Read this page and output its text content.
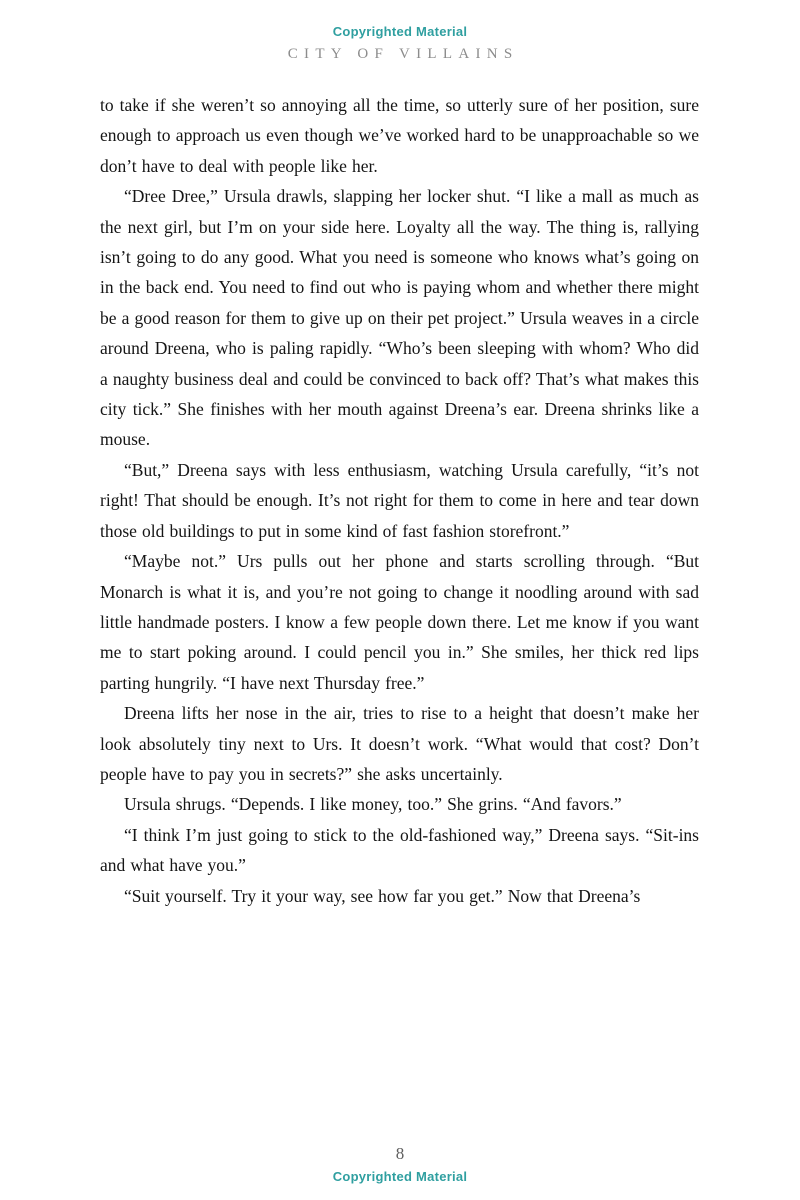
Copyrighted Material
CITY OF VILLAINS

to take if she weren’t so annoying all the time, so utterly sure of her position, sure enough to approach us even though we’ve worked hard to be unapproachable so we don’t have to deal with people like her.

“Dree Dree,” Ursula drawls, slapping her locker shut. “I like a mall as much as the next girl, but I’m on your side here. Loyalty all the way. The thing is, rallying isn’t going to do any good. What you need is someone who knows what’s going on in the back end. You need to find out who is paying whom and whether there might be a good reason for them to give up on their pet project.” Ursula weaves in a circle around Dreena, who is paling rapidly. “Who’s been sleeping with whom? Who did a naughty business deal and could be convinced to back off? That’s what makes this city tick.” She finishes with her mouth against Dreena’s ear. Dreena shrinks like a mouse.

“But,” Dreena says with less enthusiasm, watching Ursula carefully, “it’s not right! That should be enough. It’s not right for them to come in here and tear down those old buildings to put in some kind of fast fashion storefront.”

“Maybe not.” Urs pulls out her phone and starts scrolling through. “But Monarch is what it is, and you’re not going to change it noodling around with sad little handmade posters. I know a few people down there. Let me know if you want me to start poking around. I could pencil you in.” She smiles, her thick red lips parting hungrily. “I have next Thursday free.”

Dreena lifts her nose in the air, tries to rise to a height that doesn’t make her look absolutely tiny next to Urs. It doesn’t work. “What would that cost? Don’t people have to pay you in secrets?” she asks uncertainly.

Ursula shrugs. “Depends. I like money, too.” She grins. “And favors.”

“I think I’m just going to stick to the old-fashioned way,” Dreena says. “Sit-ins and what have you.”

“Suit yourself. Try it your way, see how far you get.” Now that Dreena’s

8
Copyrighted Material
